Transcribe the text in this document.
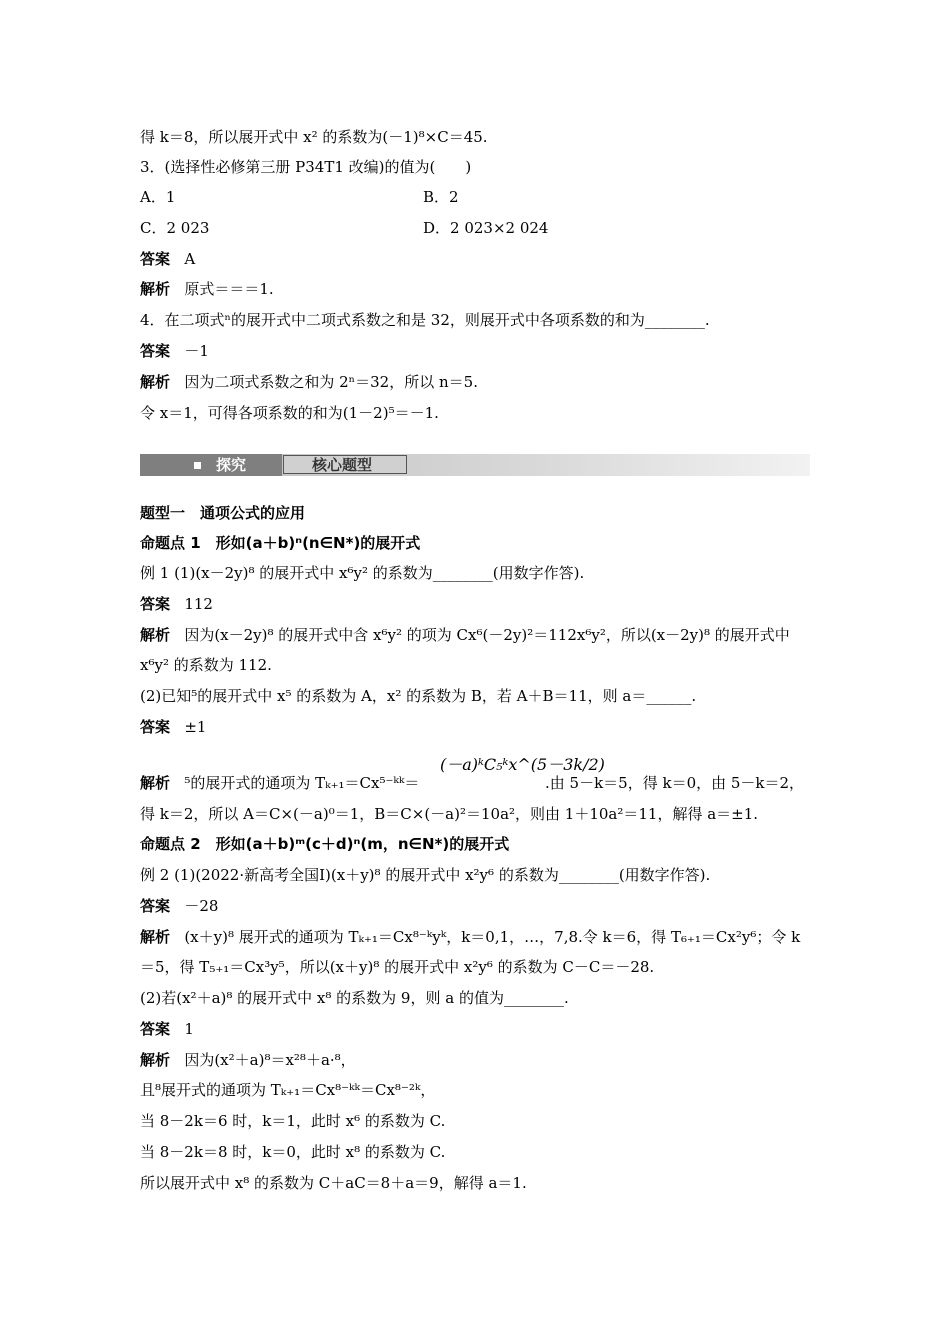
得 k＝8，所以展开式中 x² 的系数为(－1)⁸×C＝45.
3．(选择性必修第三册 P34T1 改编)的值为(　　)
A．1	B．2
C．2 023	D．2 023×2 024
答案 A
解析 原式＝＝＝1.
4．在二项式ⁿ的展开式中二项式系数之和是 32，则展开式中各项系数的和为________.
答案 －1
解析 因为二项式系数之和为 2ⁿ＝32，所以 n＝5.
令 x＝1，可得各项系数的和为(1－2)⁵＝－1.
探究	核心题型
题型一　通项公式的应用
命题点 1　形如(a＋b)ⁿ(n∈N*)的展开式
例 1 (1)(x－2y)⁸ 的展开式中 x⁶y² 的系数为________(用数字作答).
答案 112
解析 因为(x－2y)⁸ 的展开式中含 x⁶y² 的项为 Cx⁶(－2y)²＝112x⁶y²，所以(x－2y)⁸ 的展开式中
x⁶y² 的系数为 112.
(2)已知⁵的展开式中 x⁵ 的系数为 A，x² 的系数为 B，若 A＋B＝11，则 a＝______.
答案 ±1
解析 ⁵的展开式的通项为 Tₖ₊₁＝Cx⁵⁻ᵏᵏ＝
(－a)ᵏC₅ᵏx^(5－3k/2)
.由 5－k＝5，得 k＝0，由 5－k＝2，
得 k＝2，所以 A＝C×(－a)⁰＝1，B＝C×(－a)²＝10a²，则由 1＋10a²＝11，解得 a＝±1.
命题点 2　形如(a＋b)ᵐ(c＋d)ⁿ(m，n∈N*)的展开式
例 2 (1)(2022·新高考全国Ⅰ)(x＋y)⁸ 的展开式中 x²y⁶ 的系数为________(用数字作答).
答案 －28
解析 (x＋y)⁸ 展开式的通项为 Tₖ₊₁＝Cx⁸⁻ᵏyᵏ，k＝0,1，…，7,8.令 k＝6，得 T₆₊₁＝Cx²y⁶；令 k
＝5，得 T₅₊₁＝Cx³y⁵，所以(x＋y)⁸ 的展开式中 x²y⁶ 的系数为 C－C＝－28.
(2)若(x²＋a)⁸ 的展开式中 x⁸ 的系数为 9，则 a 的值为________.
答案 1
解析 因为(x²＋a)⁸＝x²⁸＋a·⁸，
且⁸展开式的通项为 Tₖ₊₁＝Cx⁸⁻ᵏᵏ＝Cx⁸⁻²ᵏ，
当 8－2k＝6 时，k＝1，此时 x⁶ 的系数为 C.
当 8－2k＝8 时，k＝0，此时 x⁸ 的系数为 C.
所以展开式中 x⁸ 的系数为 C＋aC＝8＋a＝9，解得 a＝1.
